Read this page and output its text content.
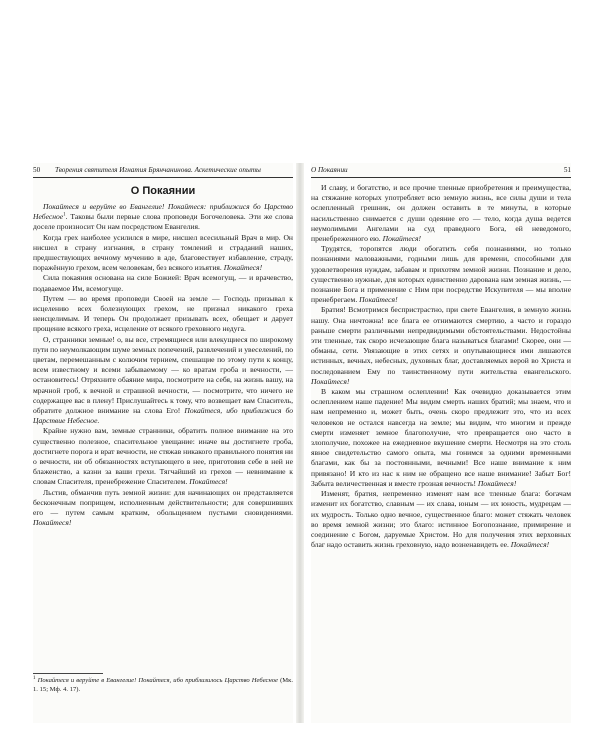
50 Творения святителя Игнатия Брянчанинова. Аскетические опыты
О Покаянии

Покайтеся и веруйте во Евангелие! Покайтеся: приближися бо Царство Небесное$^1$. Таковы были первые слова проповеди Богочеловека. Эти же слова доселе произносит Он нам посредством Евангелия.

Когда грех наиболее усилился в мире, нисшел всесильный Врач в мир. Он нисшел в страну изгнания, в страну томлений и страданий наших, предшествующих вечному мучению в аде, благовествует избавление, страду, поражённую грехом, всем человекам, без всякого изъятия. Покайтеся!

Сила покаяния основана на силе Божией: Врач всемогущ, — и врачевство, подаваемое Им, всемогуще.

Путем — во время проповеди Своей на земле — Господь призывал к исцелению всех болезнующих грехом, не признал никакого греха неисцелимым. И теперь Он продолжает призывать всех, обещает и дарует прощение всякого греха, исцеление от всякого греховного недуга.

О, странники земные! о, вы все, стремящиеся или влекущиеся по широкому пути по неумолкающим шуме земных попечений, развлечений и увеселений, по цветам, перемешанным с колючим тернием, спешащие по этому пути к концу, всем известному и всеми забываемому — ко вратам гроба и вечности, — остановитесь! Отряхните обаяние мира, посмотрите на себя, на жизнь вашу, на мрачной гроб, к вечной и страшной вечности, — посмотрите, что ничего не содержащее вас в плену! Прислушайтесь к тому, что возвещает вам Спаситель, обратите должное внимание на слова Его! Покайтеся, ибо приближися бо Царствие Небесное.

Крайне нужно вам, земные странники, обратить полное внимание на это существенно полезное, спасительное увещание: иначе вы достигнете гроба, достигнете порога и врат вечности, не стяжав никакого правильного понятия ни о вечности, ни об обязанностях вступающего в нее, приготовив себе в ней не блаженство, а казни за ваши грехи. Тягчайший из грехов — невнимание к словам Спасителя, пренебрежение Спасителем. Покайтеся!

Льстив, обманчив путь земной жизни: для начинающих он представляется бесконечным поприщем, исполненным действительности; для совершивших его — путем самым кратким, обольщением пустыми сновидениями. Покайтеся!

$^1$ Покайтеся и веруйте в Евангелие! Покайтеся, ибо приблизилось Царство Небесное (Мк. 1. 15; Мф. 4. 17).
О Покаянии	51

И славу, и богатство, и все прочие тленные приобретения и преимущества, на стяжание которых употребляет всю земную жизнь, все силы души и тела ослепленный грешник, он должен оставить в те минуты, в которые насильственно снимается с души одеяние его — тело, когда душа ведется неумолимыми Ангелами на суд праведного Бога, ей неведомого, пренебреженного ею. Покайтеся!

Трудятся, торопятся люди обогатить себя познаниями, но только познаниями маловажными, годными лишь для времени, способными для удовлетворения нуждам, забавам и прихотям земной жизни. Познание и дело, существенно нужные, для которых единственно дарована нам земная жизнь, — познание Бога и применение с Ним при посредстве Искупителя — мы вполне пренебрегаем. Покайтеся!

Братия! Всмотримся беспристрастно, при свете Евангелия, в земную жизнь нашу. Она ничтожна! все блага ее отнимаются смертию, а часто и гораздо раньше смерти различными непредвидимыми обстоятельствами. Недостойны эти тленные, так скоро исчезающие блага называться благами! Скорее, они — обманы, сети. Увязающие в этих сетях и опутывающиеся ими лишаются истинных, вечных, небесных, духовных благ, доставляемых верой во Христа и последованием Ему по таинственному пути жительства евангельского. Покайтеся!

В каком мы страшном ослеплении! Как очевидно доказывается этим ослеплением наше падение! Мы видим смерть наших братий; мы знаем, что и нам непременно и, может быть, очень скоро предлежит это, что из всех человеков не остался навсегда на земле; мы видим, что многим и прежде смерти изменяет земное благополучие, что превращается оно часто в злополучие, похожее на ежедневное вкушение смерти. Несмотря на это столь явное свидетельство самого опыта, мы гонимся за одними временными благами, как бы за постоянными, вечными! Все наше внимание к ним привязано! И кто из нас к ним не обращено все наше внимание! Забыт Бог! Забыта величественная и вместе грозная вечность! Покайтеся!

Изменят, братия, непременно изменят нам все тленные блага: богачам изменит их богатство, славным — их слава, юным — их юность, мудрецам — их мудрость. Только одно вечное, существенное благо: может стяжать человек во время земной жизни; это благо: истинное Богопознание, примирение и соединение с Богом, даруемые Христом. Но для получения этих верховных благ надо оставить жизнь греховную, надо возненавидеть ее. Покайтеся!
